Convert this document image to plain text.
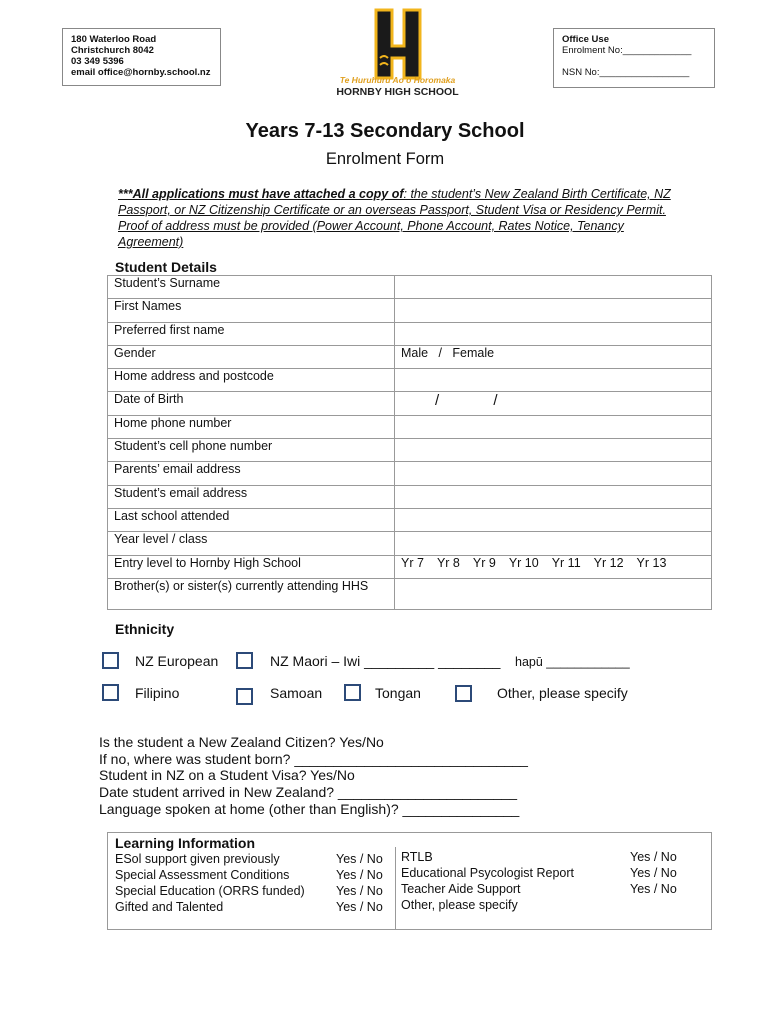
180 Waterloo Road
Christchurch 8042
03 349 5396
email office@hornby.school.nz
Te Huruhuru Ao o Horomaka
HORNBY HIGH SCHOOL
Office Use
Enrolment No:_____________
NSN No:_________________
Years 7-13 Secondary School
Enrolment Form
***All applications must have attached a copy of: the student’s New Zealand Birth Certificate, NZ Passport, or NZ Citizenship Certificate or an overseas Passport, Student Visa or Residency Permit. Proof of address must be provided (Power Account, Phone Account, Rates Notice, Tenancy Agreement)
Student Details
Student’s Surname	
First Names	
Preferred first name	
Gender	Male   /   Female
Home address and postcode	
Date of Birth	/             /
Home phone number	
Student’s cell phone number	
Parents’ email address	
Student’s email address	
Last school attended	
Year level / class	
Entry level to Hornby High School	Yr 7 Yr 8 Yr 9 Yr 10 Yr 11 Yr 12 Yr 13
Brother(s) or sister(s) currently attending HHS	
Ethnicity
NZ European	NZ Maori – Iwi _________ ________ hapū ____________
Filipino	Samoan	Tongan	Other, please specify
Is the student a New Zealand Citizen? Yes/No
If no, where was student born? ______________________________
Student in NZ on a Student Visa? Yes/No
Date student arrived in New Zealand? _______________________
Language spoken at home (other than English)? _______________
Learning Information
ESol support given previously	Yes / No
Special Assessment Conditions	Yes / No
Special Education (ORRS funded)	Yes / No
Gifted and Talented	Yes / No
RTLB	Yes / No
Educational Psycologist Report	Yes / No
Teacher Aide Support	Yes / No
Other, please specify
